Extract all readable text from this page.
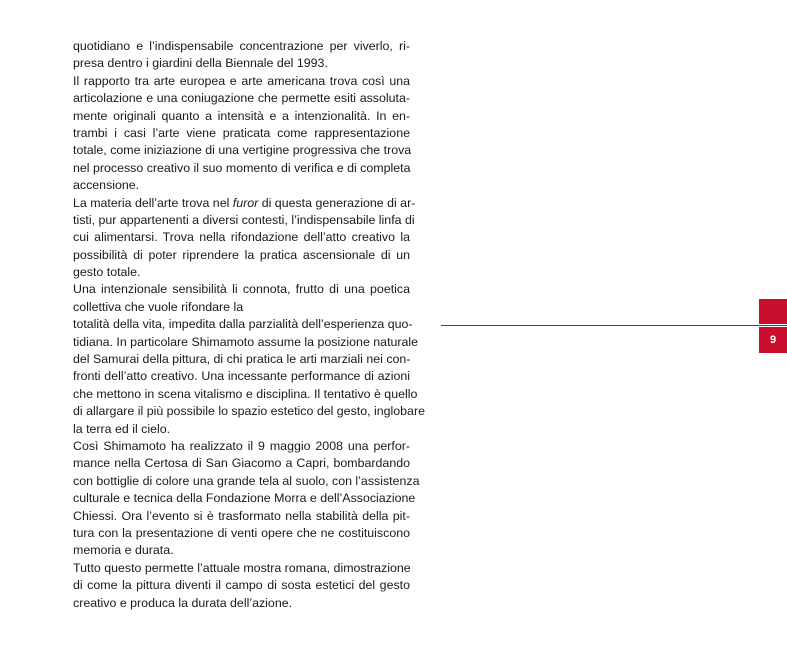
quotidiano e l’indispensabile concentrazione per viverlo, ri-
presa dentro i giardini della Biennale del 1993.
Il rapporto tra arte europea e arte americana trova così una
articolazione e una coniugazione che permette esiti assoluta-
mente originali quanto a intensità e a intenzionalità. In en-
trambi i casi l’arte viene praticata come rappresentazione
totale, come iniziazione di una vertigine progressiva che trova
nel processo creativo il suo momento di verifica e di completa
accensione.
La materia dell’arte trova nel furor di questa generazione di ar-
tisti, pur appartenenti a diversi contesti, l’indispensabile linfa di
cui alimentarsi. Trova nella rifondazione dell’atto creativo la
possibilità di poter riprendere la pratica ascensionale di un
gesto totale.
Una intenzionale sensibilità li connota, frutto di una poetica
collettiva che vuole rifondare la
totalità della vita, impedita dalla parzialità dell’esperienza quo-
tidiana. In particolare Shimamoto assume la posizione naturale
del Samurai della pittura, di chi pratica le arti marziali nei con-
fronti dell’atto creativo. Una incessante performance di azioni
che mettono in scena vitalismo e disciplina. Il tentativo è quello
di allargare il più possibile lo spazio estetico del gesto, inglobare
la terra ed il cielo.
Così Shimamoto ha realizzato il 9 maggio 2008 una perfor-
mance nella Certosa di San Giacomo a Capri, bombardando
con bottiglie di colore una grande tela al suolo, con l’assistenza
culturale e tecnica della Fondazione Morra e dell’Associazione
Chiessi. Ora l’evento si è trasformato nella stabilità della pit-
tura con la presentazione di venti opere che ne costituiscono
memoria e durata.
Tutto questo permette l’attuale mostra romana, dimostrazione
di come la pittura diventi il campo di sosta estetici del gesto
creativo e produca la durata dell’azione.
9
